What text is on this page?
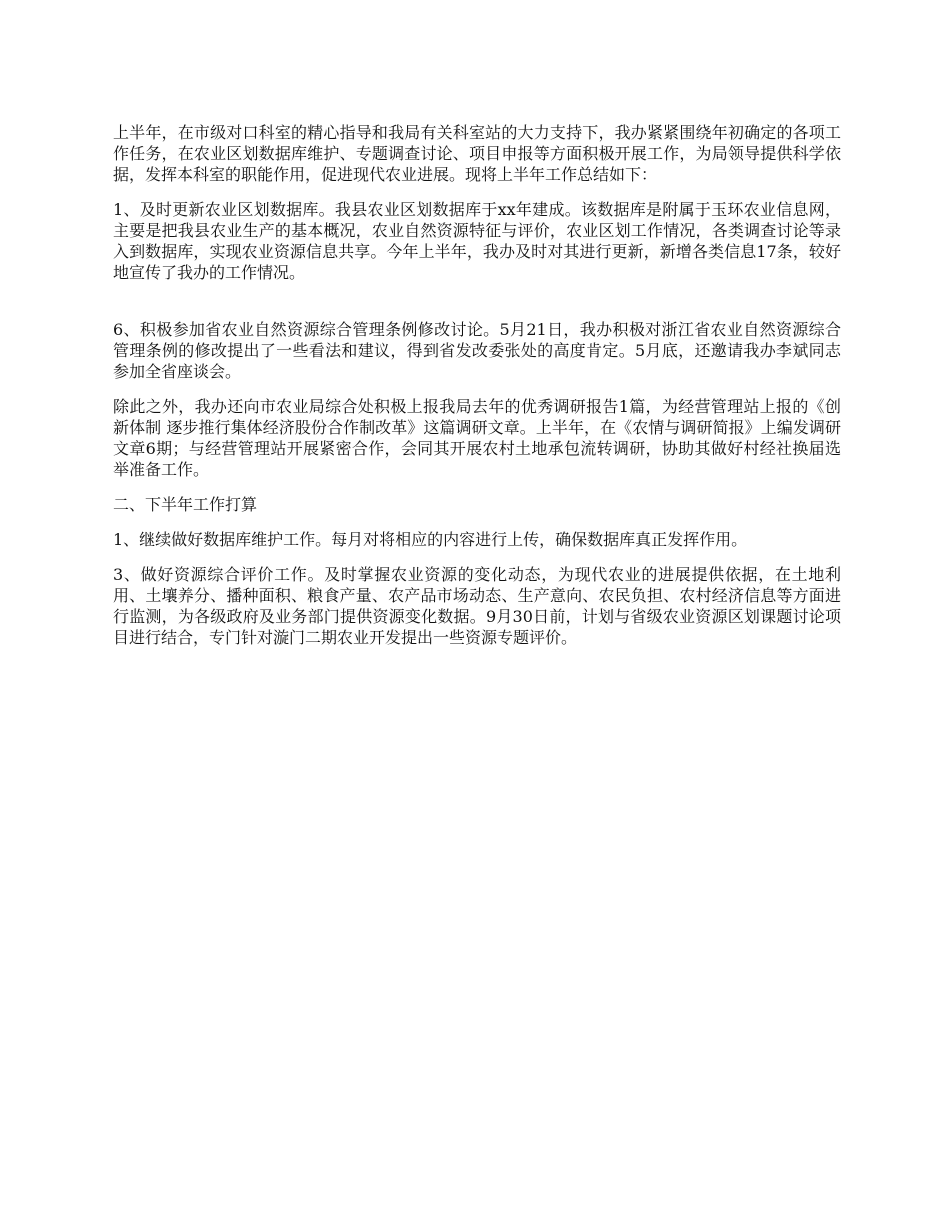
上半年，在市级对口科室的精心指导和我局有关科室站的大力支持下，我办紧紧围绕年初确定的各项工作任务，在农业区划数据库维护、专题调查讨论、项目申报等方面积极开展工作，为局领导提供科学依据，发挥本科室的职能作用，促进现代农业进展。现将上半年工作总结如下：

1、及时更新农业区划数据库。我县农业区划数据库于xx年建成。该数据库是附属于玉环农业信息网，主要是把我县农业生产的基本概况，农业自然资源特征与评价，农业区划工作情况，各类调查讨论等录入到数据库，实现农业资源信息共享。今年上半年，我办及时对其进行更新，新增各类信息17条，较好地宣传了我办的工作情况。

6、积极参加省农业自然资源综合管理条例修改讨论。5月21日，我办积极对浙江省农业自然资源综合管理条例的修改提出了一些看法和建议，得到省发改委张处的高度肯定。5月底，还邀请我办李斌同志参加全省座谈会。

除此之外，我办还向市农业局综合处积极上报我局去年的优秀调研报告1篇，为经营管理站上报的《创新体制 逐步推行集体经济股份合作制改革》这篇调研文章。上半年，在《农情与调研简报》上编发调研文章6期；与经营管理站开展紧密合作，会同其开展农村土地承包流转调研，协助其做好村经社换届选举准备工作。

二、下半年工作打算

1、继续做好数据库维护工作。每月对将相应的内容进行上传，确保数据库真正发挥作用。

3、做好资源综合评价工作。及时掌握农业资源的变化动态，为现代农业的进展提供依据，在土地利用、土壤养分、播种面积、粮食产量、农产品市场动态、生产意向、农民负担、农村经济信息等方面进行监测，为各级政府及业务部门提供资源变化数据。9月30日前，计划与省级农业资源区划课题讨论项目进行结合，专门针对漩门二期农业开发提出一些资源专题评价。
